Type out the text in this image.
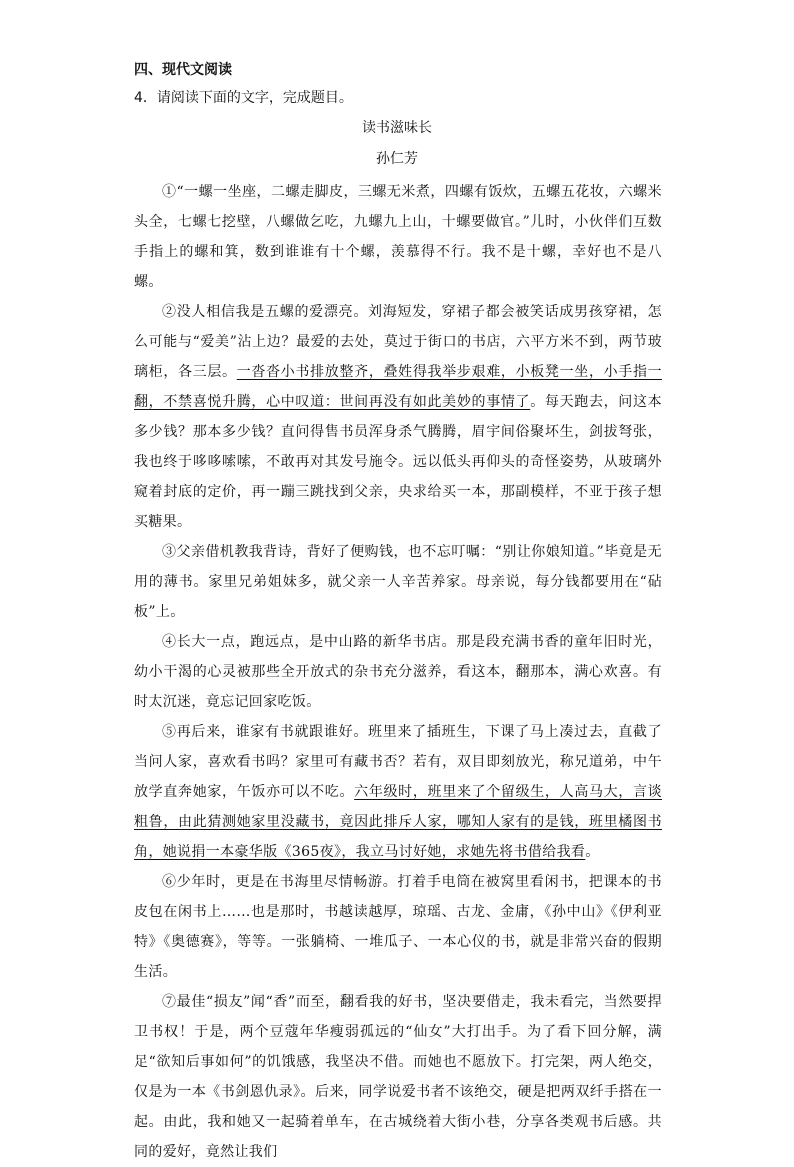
四、现代文阅读
4．请阅读下面的文字，完成题目。
读书滋味长
孙仁芳

①“一螺一坐座，二螺走脚皮，三螺无米煮，四螺有饭炊，五螺五花妆，六螺米头全，七螺七挖壁，八螺做乞吃，九螺九上山，十螺要做官。”儿时，小伙伴们互数手指上的螺和箕，数到谁谁有十个螺，羡慕得不行。我不是十螺，幸好也不是八螺。

②没人相信我是五螺的爱漂亮。刘海短发，穿裙子都会被笑话成男孩穿裙，怎么可能与“爱美”沾上边？最爱的去处，莫过于街口的书店，六平方米不到，两节玻璃柜，各三层。一沓沓小书排放整齐，叠姓得我举步艰难，小板凳一坐，小手指一翻，不禁喜悦升腾，心中叹道：世间再没有如此美妙的事情了。每天跑去，问这本多少钱？那本多少钱？直问得售书员浑身杀气腾腾，眉宇间俗聚坏生，剑拔弩张，我也终于哆哆嗦嗦，不敢再对其发号施令。远以低头再仰头的奇怪姿势，从玻璃外窥着封底的定价，再一蹦三跳找到父亲，央求给买一本，那副模样，不亚于孩子想买糖果。

③父亲借机教我背诗，背好了便购钱，也不忘叮嘱：“别让你娘知道。”毕竟是无用的薄书。家里兄弟姐妹多，就父亲一人辛苦养家。母亲说，每分钱都要用在“砧板”上。

④长大一点，跑远点，是中山路的新华书店。那是段充满书香的童年旧时光，幼小干渴的心灵被那些全开放式的杂书充分滋养，看这本，翻那本，满心欢喜。有时太沉迷，竟忘记回家吃饭。

⑤再后来，谁家有书就跟谁好。班里来了插班生，下课了马上凑过去，直截了当问人家，喜欢看书吗？家里可有藏书否？若有，双目即刻放光，称兄道弟，中午放学直奔她家，午饭亦可以不吃。六年级时，班里来了个留级生，人高马大，言谈粗鲁，由此猜测她家里没藏书，竟因此排斥人家，哪知人家有的是钱，班里橘图书角，她说捐一本豪华版《365夜》，我立马讨好她，求她先将书借给我看。

⑥少年时，更是在书海里尽情畅游。打着手电筒在被窝里看闲书，把课本的书皮包在闲书上……也是那时，书越读越厚，琼瑶、古龙、金庸，《孙中山》《伊利亚特》《奥德赛》，等等。一张躺椅、一堆瓜子、一本心仪的书，就是非常兴奋的假期生活。

⑦最佳“损友”闻“香”而至，翻看我的好书，坚决要借走，我未看完，当然要捍卫书权！于是，两个豆蔻年华瘦弱孤远的“仙女”大打出手。为了看下回分解，满足“欲知后事如何”的饥饿感，我坚决不借。而她也不愿放下。打完架，两人绝交，仅是为一本《书剑恩仇录》。后来，同学说爱书者不该绝交，硬是把两双纤手搭在一起。由此，我和她又一起骑着单车，在古城绕着大街小巷，分享各类观书后感。共同的爱好，竟然让我们
